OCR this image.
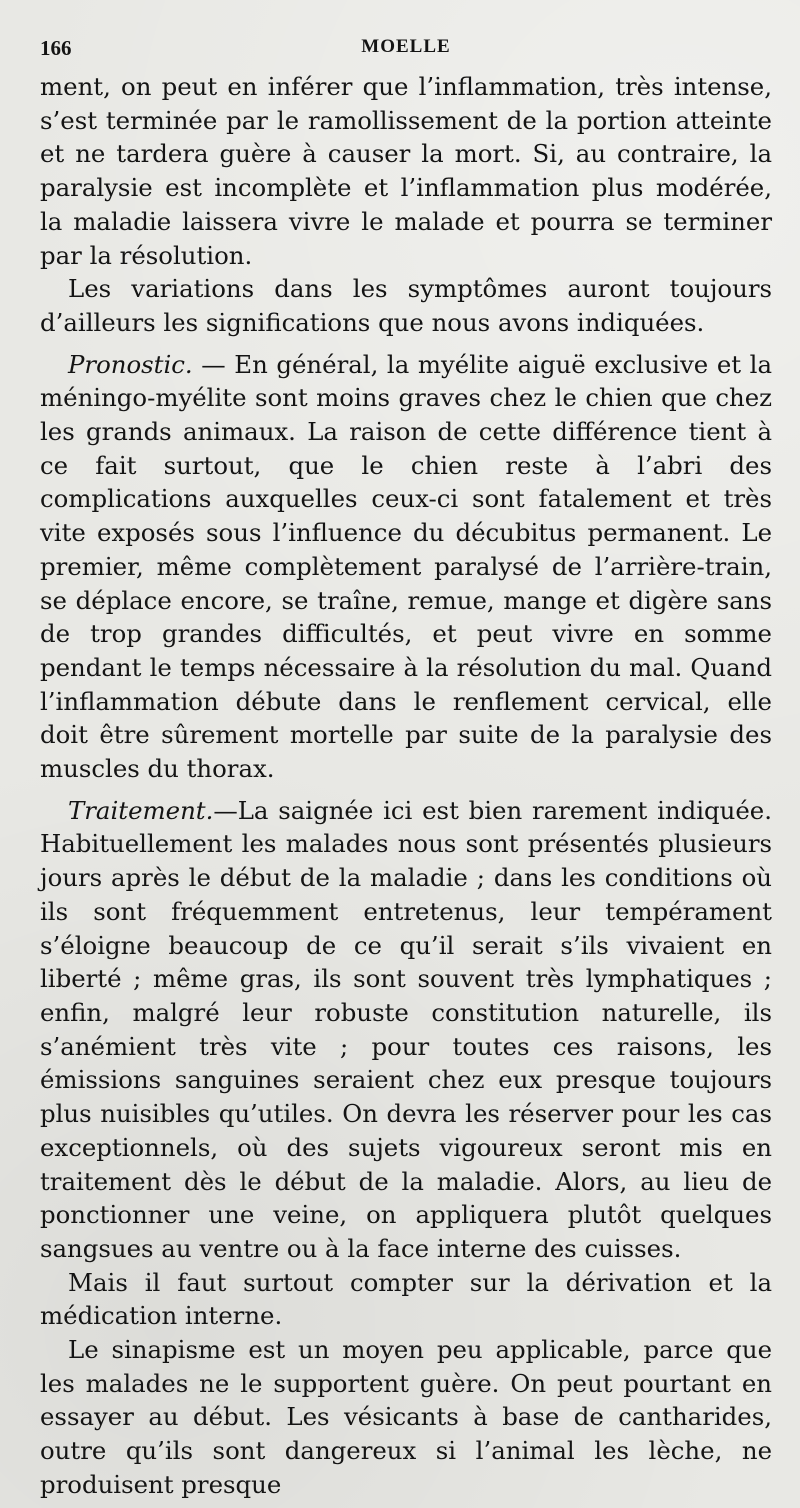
166	MOELLE

ment, on peut en inférer que l’inflammation, très intense, s’est terminée par le ramollissement de la portion atteinte et ne tardera guère à causer la mort. Si, au contraire, la paralysie est incomplète et l’inflammation plus modérée, la maladie laissera vivre le malade et pourra se terminer par la résolution.

Les variations dans les symptômes auront toujours d’ailleurs les significations que nous avons indiquées.

Pronostic. — En général, la myélite aiguë exclusive et la méningo-myélite sont moins graves chez le chien que chez les grands animaux. La raison de cette différence tient à ce fait surtout, que le chien reste à l’abri des complications auxquelles ceux-ci sont fatalement et très vite exposés sous l’influence du décubitus permanent. Le premier, même complètement paralysé de l’arrière-train, se déplace encore, se traîne, remue, mange et digère sans de trop grandes difficultés, et peut vivre en somme pendant le temps nécessaire à la résolution du mal. Quand l’inflammation débute dans le renflement cervical, elle doit être sûrement mortelle par suite de la paralysie des muscles du thorax.

Traitement.—La saignée ici est bien rarement indiquée. Habituellement les malades nous sont présentés plusieurs jours après le début de la maladie ; dans les conditions où ils sont fréquemment entretenus, leur tempérament s’éloigne beaucoup de ce qu’il serait s’ils vivaient en liberté ; même gras, ils sont souvent très lymphatiques ; enfin, malgré leur robuste constitution naturelle, ils s’anémient très vite ; pour toutes ces raisons, les émissions sanguines seraient chez eux presque toujours plus nuisibles qu’utiles. On devra les réserver pour les cas exceptionnels, où des sujets vigoureux seront mis en traitement dès le début de la maladie. Alors, au lieu de ponctionner une veine, on appliquera plutôt quelques sangsues au ventre ou à la face interne des cuisses.

Mais il faut surtout compter sur la dérivation et la médication interne.

Le sinapisme est un moyen peu applicable, parce que les malades ne le supportent guère. On peut pourtant en essayer au début. Les vésicants à base de cantharides, outre qu’ils sont dangereux si l’animal les lèche, ne produisent presque
